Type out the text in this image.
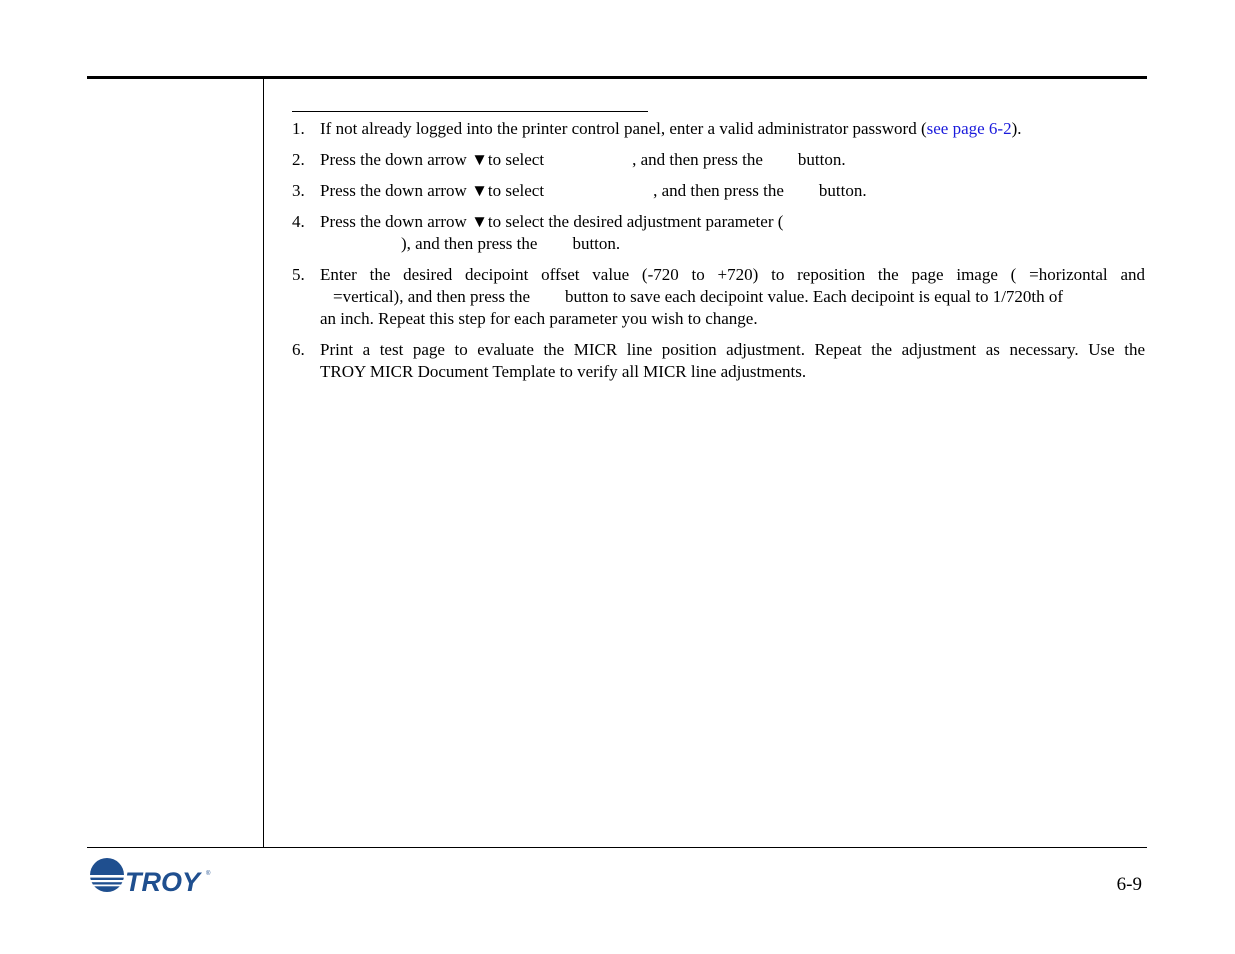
1. If not already logged into the printer control panel, enter a valid administrator password (see page 6-2).
2. Press the down arrow ▼to select	, and then press the button.
3. Press the down arrow ▼to select	, and then press the button.
4. Press the down arrow ▼to select the desired adjustment parameter (
), and then press the button.
5. Enter the desired decipoint offset value (-720 to +720) to reposition the page image ( =horizontal and
=vertical), and then press the button to save each decipoint value. Each decipoint is equal to 1/720th of
an inch. Repeat this step for each parameter you wish to change.
6. Print a test page to evaluate the MICR line position adjustment. Repeat the adjustment as necessary. Use the
TROY MICR Document Template to verify all MICR line adjustments.
TROY ®	6-9
